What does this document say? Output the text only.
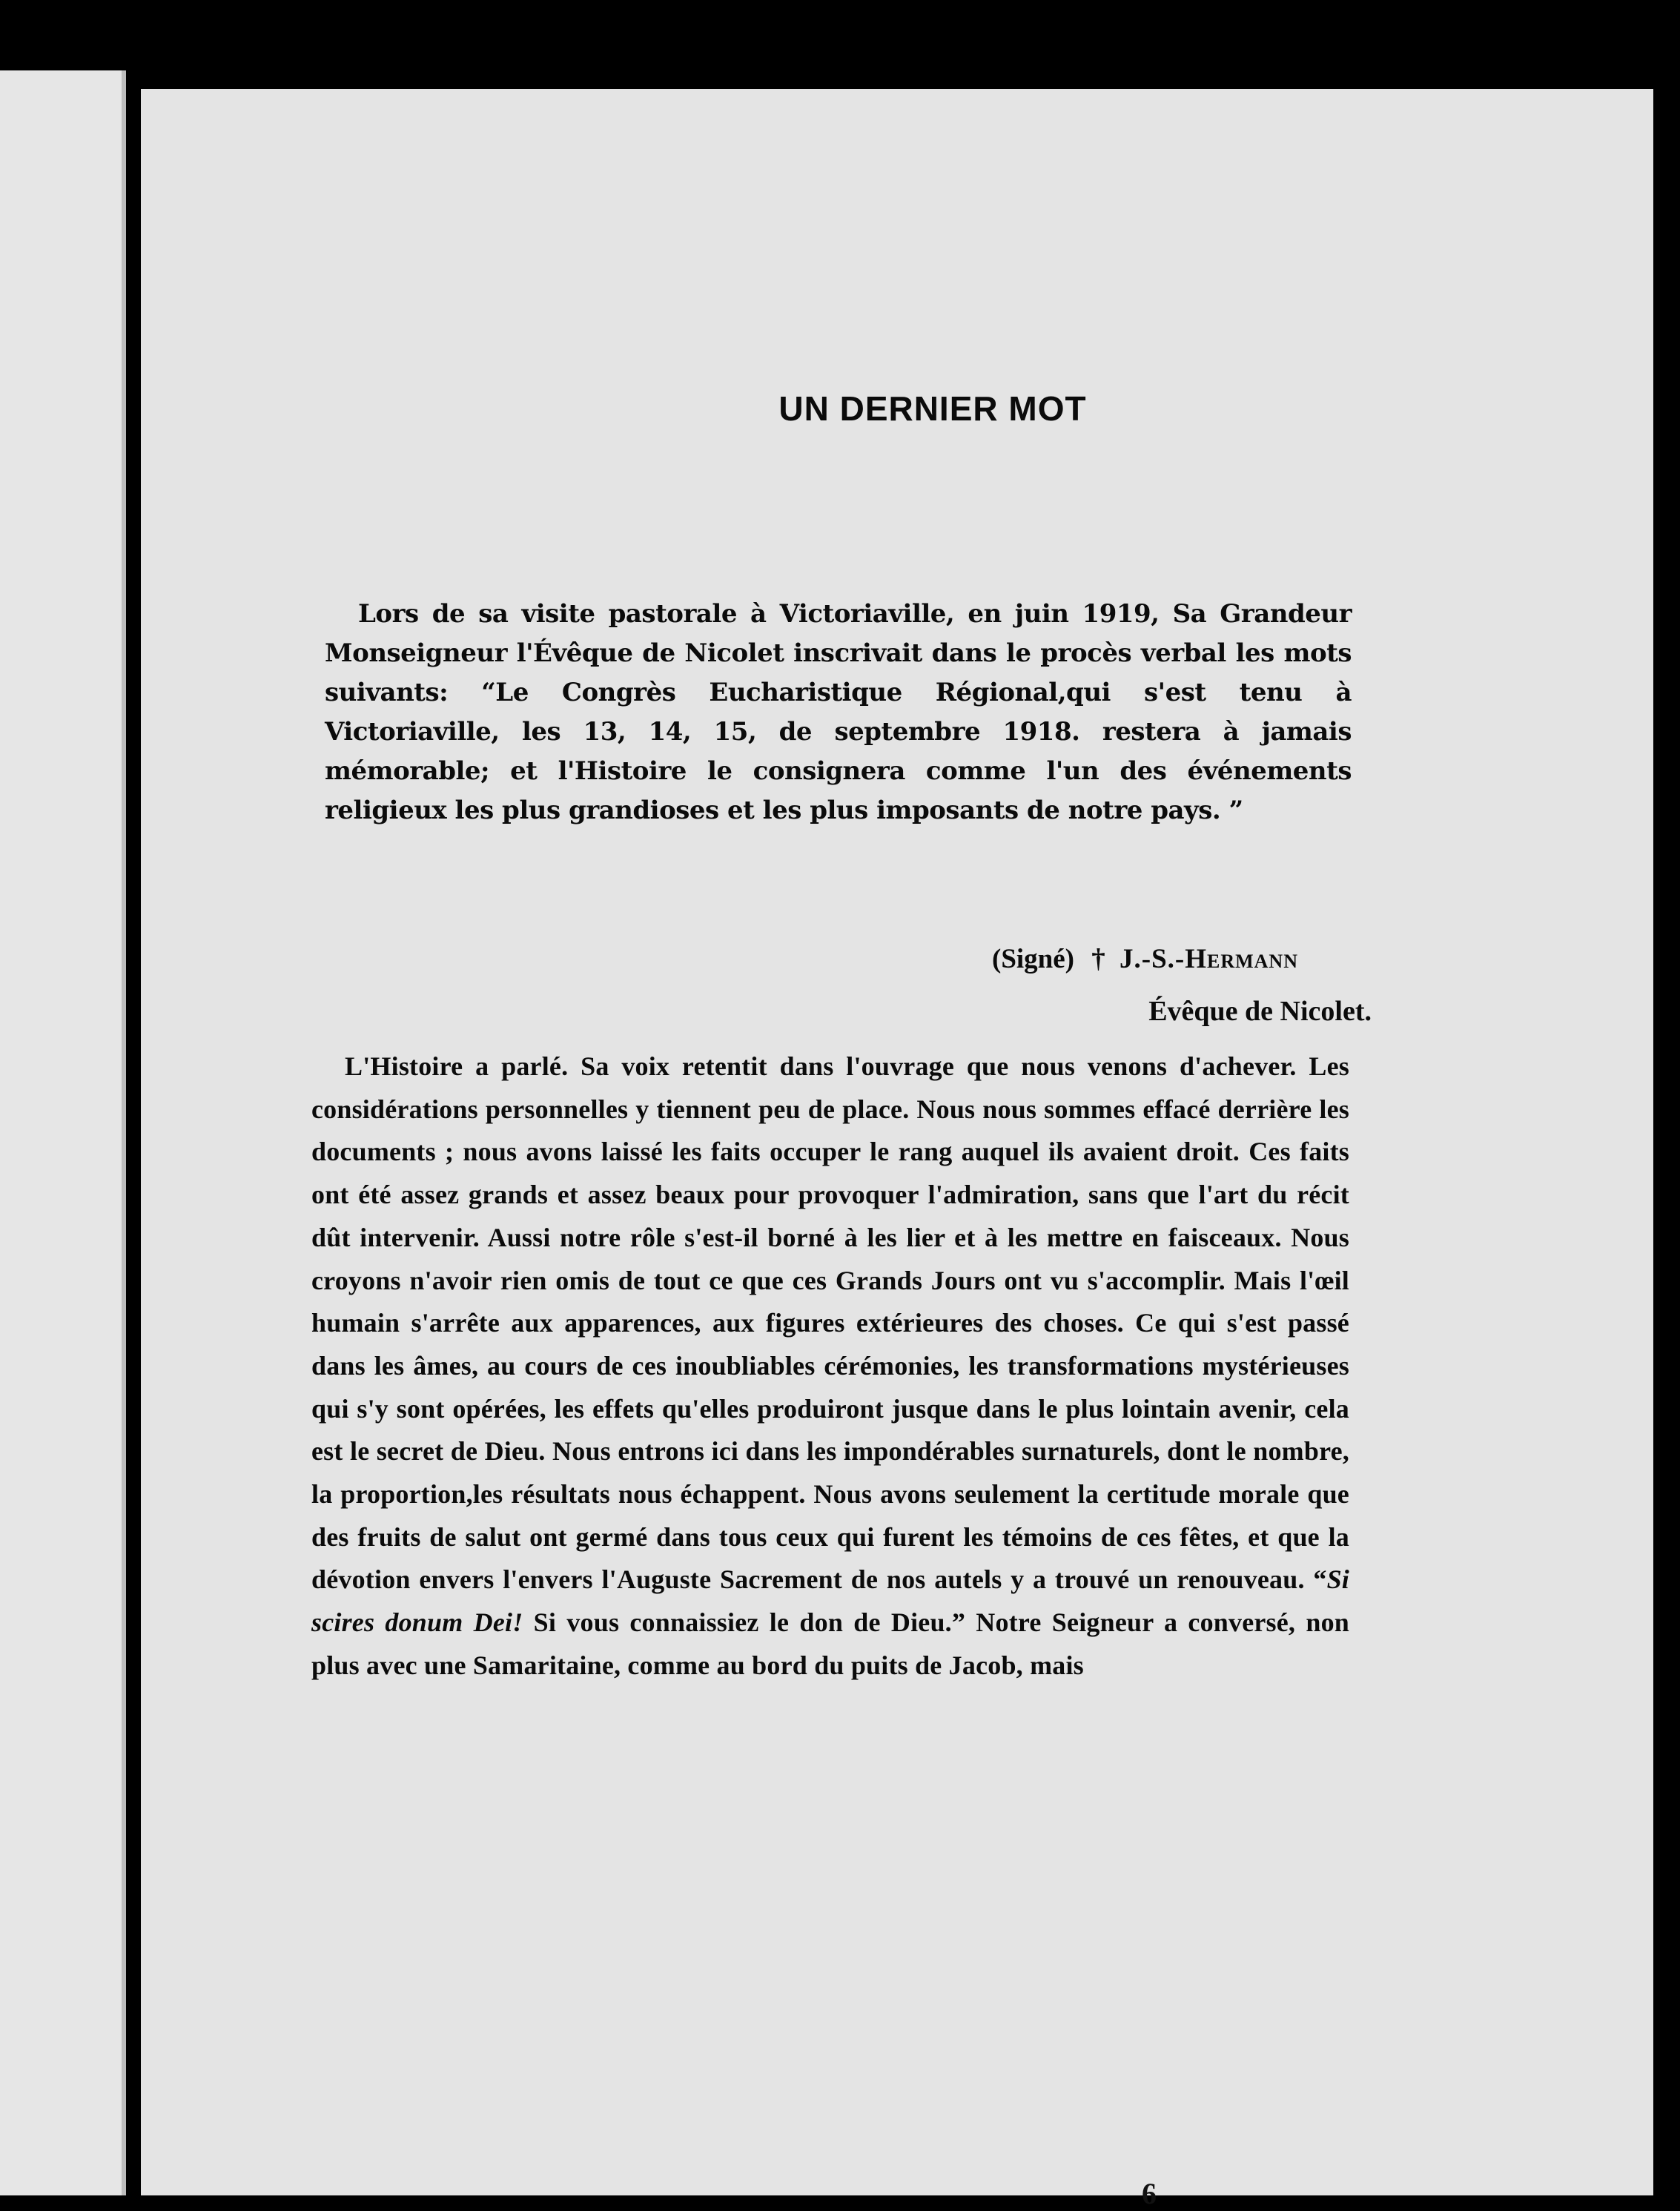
UN DERNIER MOT

Lors de sa visite pastorale à Victoriaville, en juin 1919, Sa Grandeur Monseigneur l'Évêque de Nicolet inscrivait dans le procès verbal les mots suivants: “Le Congrès Eucharistique Régional,qui s'est tenu à Victoriaville, les 13, 14, 15, de septembre 1918. restera à jamais mémorable; et l'Histoire le consignera comme l'un des événements religieux les plus grandioses et les plus imposants de notre pays. ”

(Signé) † J.-S.-Hermann
Évêque de Nicolet.

L'Histoire a parlé. Sa voix retentit dans l'ouvrage que nous venons d'achever. Les considérations personnelles y tiennent peu de place. Nous nous sommes effacé derrière les documents ; nous avons laissé les faits occuper le rang auquel ils avaient droit. Ces faits ont été assez grands et assez beaux pour provoquer l'admiration, sans que l'art du récit dût intervenir. Aussi notre rôle s'est-il borné à les lier et à les mettre en faisceaux. Nous croyons n'avoir rien omis de tout ce que ces Grands Jours ont vu s'accomplir. Mais l'œil humain s'arrête aux apparences, aux figures extérieures des choses. Ce qui s'est passé dans les âmes, au cours de ces inoubliables cérémonies, les transformations mystérieuses qui s'y sont opérées, les effets qu'elles produiront jusque dans le plus lointain avenir, cela est le secret de Dieu. Nous entrons ici dans les impondérables surnaturels, dont le nombre, la proportion,les résultats nous échappent. Nous avons seulement la certitude morale que des fruits de salut ont germé dans tous ceux qui furent les témoins de ces fêtes, et que la dévotion envers l'envers l'Auguste Sacrement de nos autels y a trouvé un renouveau. “Si scires donum Dei! Si vous connaissiez le don de Dieu.” Notre Seigneur a conversé, non plus avec une Samaritaine, comme au bord du puits de Jacob, mais

6
